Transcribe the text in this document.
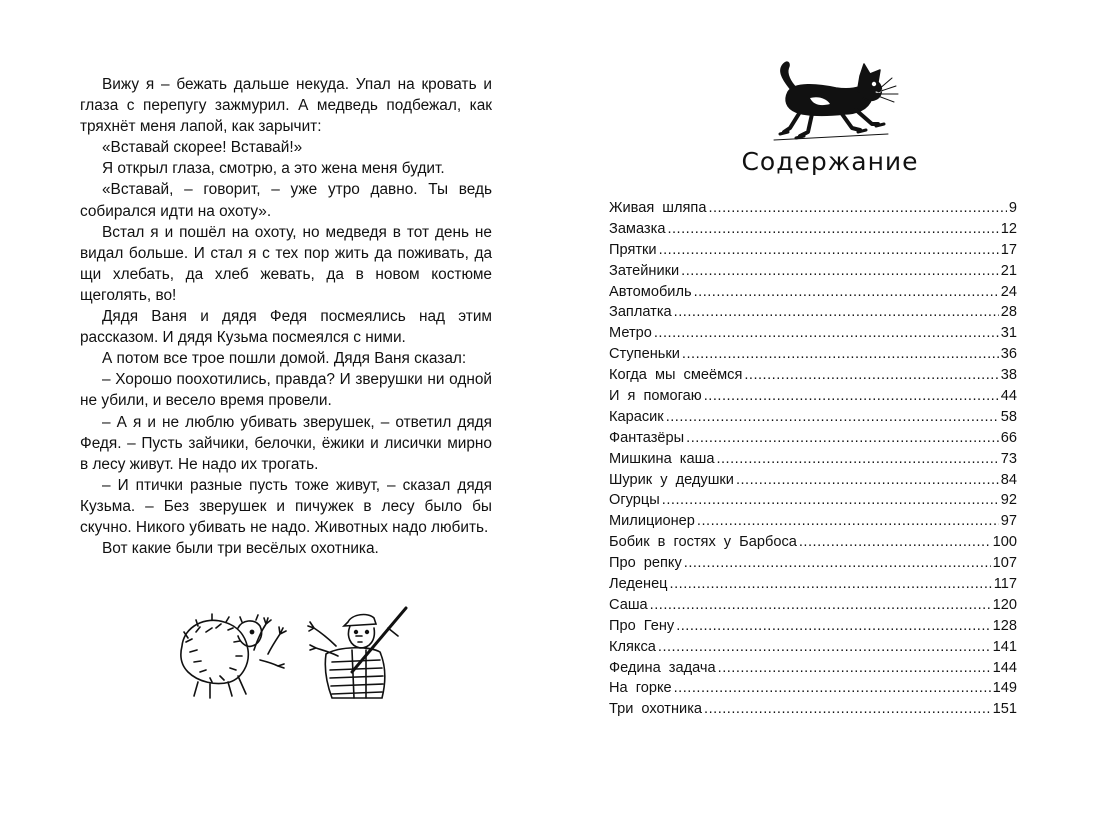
Вижу я – бежать дальше некуда. Упал на кровать и глаза с перепугу зажмурил. А медведь подбежал, как тряхнёт меня лапой, как зарычит:

«Вставай скорее! Вставай!»

Я открыл глаза, смотрю, а это жена меня будит.

«Вставай, – говорит, – уже утро давно. Ты ведь собирался идти на охоту».

Встал я и пошёл на охоту, но медведя в тот день не видал больше. И стал я с тех пор жить да поживать, да щи хлебать, да хлеб жевать, да в новом костюме щеголять, во!

Дядя Ваня и дядя Федя посмеялись над этим рассказом. И дядя Кузьма посмеялся с ними.

А потом все трое пошли домой. Дядя Ваня сказал:

– Хорошо поохотились, правда? И зверушки ни одной не убили, и весело время провели.

– А я и не люблю убивать зверушек, – ответил дядя Федя. – Пусть зайчики, белочки, ёжики и лисички мирно в лесу живут. Не надо их трогать.

– И птички разные пусть тоже живут, – сказал дядя Кузьма. – Без зверушек и пичужек в лесу было бы скучно. Никого убивать не надо. Животных надо любить.

Вот какие были три весёлых охотника.

Содержание
Живая шляпа .....	9
Замазка .....	12
Прятки .....	17
Затейники .....	21
Автомобиль .....	24
Заплатка .....	28
Метро .....	31
Ступеньки .....	36
Когда мы смеёмся .....	38
И я помогаю .....	44
Карасик .....	58
Фантазёры .....	66
Мишкина каша .....	73
Шурик у дедушки .....	84
Огурцы .....	92
Милиционер .....	97
Бобик в гостях у Барбоса .....	100
Про репку .....	107
Леденец .....	117
Саша .....	120
Про Гену .....	128
Клякса .....	141
Федина задача .....	144
На горке .....	149
Три охотника .....	151
